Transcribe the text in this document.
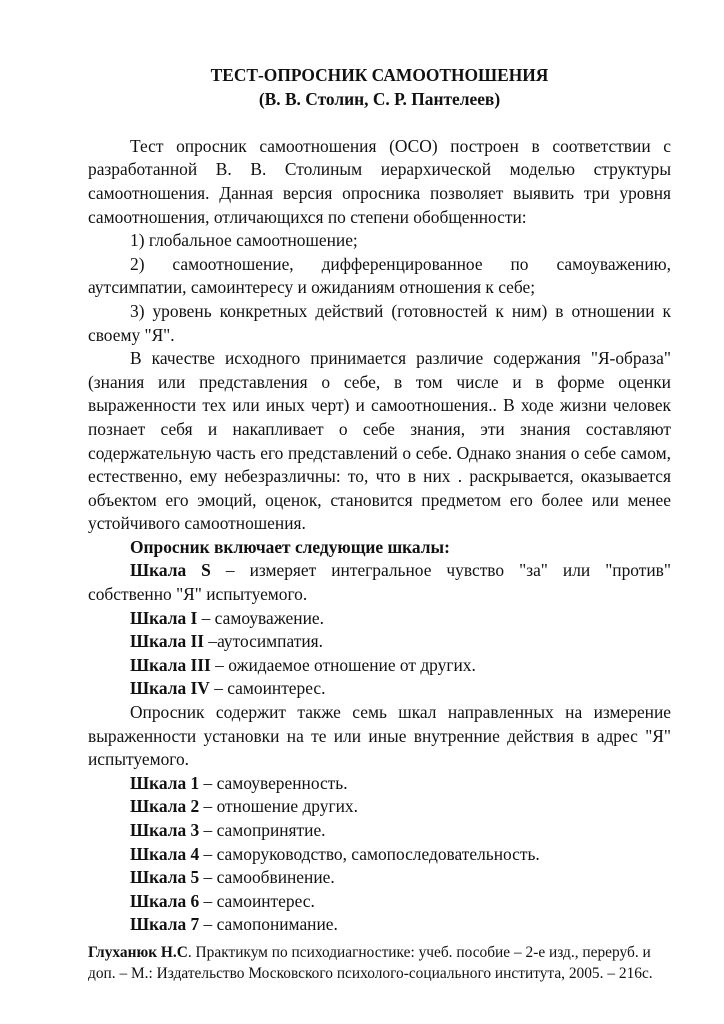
ТЕСТ-ОПРОСНИК САМООТНОШЕНИЯ

(В. В. Столин, С. Р. Пантелеев)

Тест опросник самоотношения (ОСО) построен в соответствии с разработанной В. В. Столиным иерархической моделью структуры самоотношения. Данная версия опросника позволяет выявить три уровня самоотношения, отличающихся по степени обобщенности:

1) глобальное самоотношение;

2) самоотношение, дифференцированное по самоуважению, аутсимпатии, самоинтересу и ожиданиям отношения к себе;

3) уровень конкретных действий (готовностей к ним) в отношении к своему "Я".

В качестве исходного принимается различие содержания "Я-образа" (знания или представления о себе, в том числе и в форме оценки выраженности тех или иных черт) и самоотношения.. В ходе жизни человек познает себя и накапливает о себе знания, эти знания составляют содержательную часть его представлений о себе. Однако знания о себе самом, естественно, ему небезразличны: то, что в них . раскрывается, оказывается объектом его эмоций, оценок, становится предметом его более или менее устойчивого самоотношения.

Опросник включает следующие шкалы:

Шкала S – измеряет интегральное чувство "за" или "против" собственно "Я" испытуемого.

Шкала I – самоуважение.

Шкала II –аутосимпатия.

Шкала III – ожидаемое отношение от других.

Шкала IV – самоинтерес.

Опросник содержит также семь шкал направленных на измерение выраженности установки на те или иные внутренние действия в адрес "Я" испытуемого.

Шкала 1 – самоуверенность.

Шкала 2 – отношение других.

Шкала 3 – самопринятие.

Шкала 4 – саморуководство, самопоследовательность.

Шкала 5 – самообвинение.

Шкала 6 – самоинтерес.

Шкала 7 – самопонимание.

Глуханюк Н.С. Практикум по психодиагностике: учеб. пособие – 2-е изд., переруб. и доп. – М.: Издательство Московского психолого-социального института, 2005. – 216с.
